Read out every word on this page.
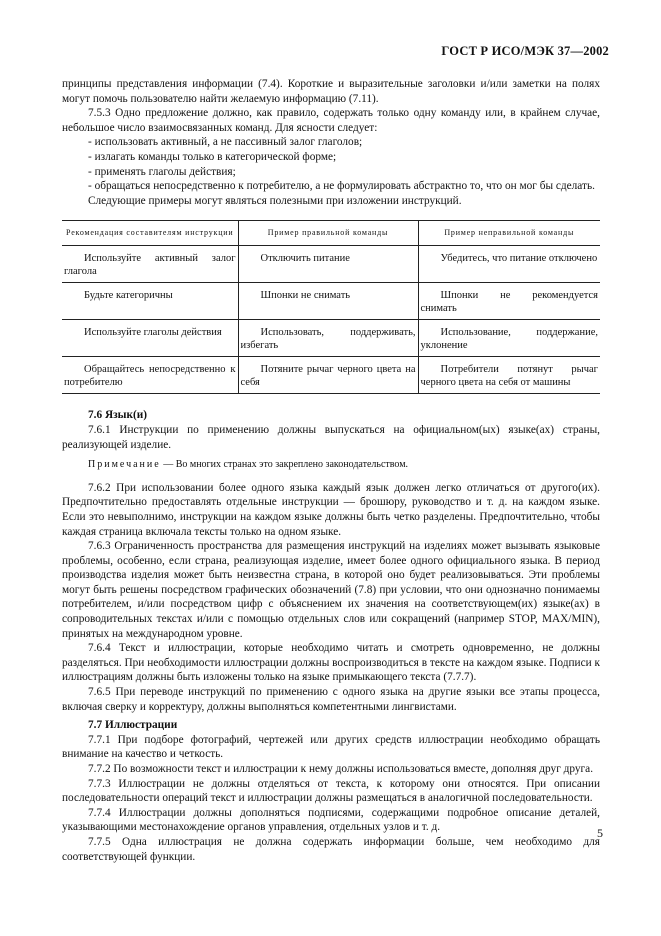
ГОСТ Р ИСО/МЭК 37—2002

принципы представления информации (7.4). Короткие и выразительные заголовки и/или заметки на полях могут помочь пользователю найти желаемую информацию (7.11).

7.5.3 Одно предложение должно, как правило, содержать только одну команду или, в крайнем случае, небольшое число взаимосвязанных команд. Для ясности следует:

- использовать активный, а не пассивный залог глаголов;

- излагать команды только в категорической форме;

- применять глаголы действия;

- обращаться непосредственно к потребителю, а не формулировать абстрактно то, что он мог бы сделать.

Следующие примеры могут являться полезными при изложении инструкций.

Рекомендация составителям инструкции	Пример правильной команды	Пример неправильной команды

Используйте активный залог глагола	Отключить питание	Убедитесь, что питание отключено

Будьте категоричны	Шпонки не снимать	Шпонки не рекомендуется снимать

Используйте глаголы действия	Использовать, поддерживать, избегать	Использование, поддержание, уклонение

Обращайтесь непосредственно к потребителю	Потяните рычаг черного цвета на себя	Потребители потянут рычаг черного цвета на себя от машины

7.6 Язык(и)

7.6.1 Инструкции по применению должны выпускаться на официальном(ых) языке(ах) страны, реализующей изделие.

Примечание — Во многих странах это закреплено законодательством.

7.6.2 При использовании более одного языка каждый язык должен легко отличаться от другого(их). Предпочтительно предоставлять отдельные инструкции — брошюру, руководство и т. д. на каждом языке. Если это невыполнимо, инструкции на каждом языке должны быть четко разделены. Предпочтительно, чтобы каждая страница включала тексты только на одном языке.

7.6.3 Ограниченность пространства для размещения инструкций на изделиях может вызывать языковые проблемы, особенно, если страна, реализующая изделие, имеет более одного официального языка. В период производства изделия может быть неизвестна страна, в которой оно будет реализовываться. Эти проблемы могут быть решены посредством графических обозначений (7.8) при условии, что они однозначно понимаемы потребителем, и/или посредством цифр с объяснением их значения на соответствующем(их) языке(ах) в сопроводительных текстах и/или с помощью отдельных слов или сокращений (например STOP, MAX/MIN), принятых на международном уровне.

7.6.4 Текст и иллюстрации, которые необходимо читать и смотреть одновременно, не должны разделяться. При необходимости иллюстрации должны воспроизводиться в тексте на каждом языке. Подписи к иллюстрациям должны быть изложены только на языке примыкающего текста (7.7.7).

7.6.5 При переводе инструкций по применению с одного языка на другие языки все этапы процесса, включая сверку и корректуру, должны выполняться компетентными лингвистами.

7.7 Иллюстрации

7.7.1 При подборе фотографий, чертежей или других средств иллюстрации необходимо обращать внимание на качество и четкость.

7.7.2 По возможности текст и иллюстрации к нему должны использоваться вместе, дополняя друг друга.

7.7.3 Иллюстрации не должны отделяться от текста, к которому они относятся. При описании последовательности операций текст и иллюстрации должны размещаться в аналогичной последовательности.

7.7.4 Иллюстрации должны дополняться подписями, содержащими подробное описание деталей, указывающими местонахождение органов управления, отдельных узлов и т. д.

7.7.5 Одна иллюстрация не должна содержать информации больше, чем необходимо для соответствующей функции.

5
